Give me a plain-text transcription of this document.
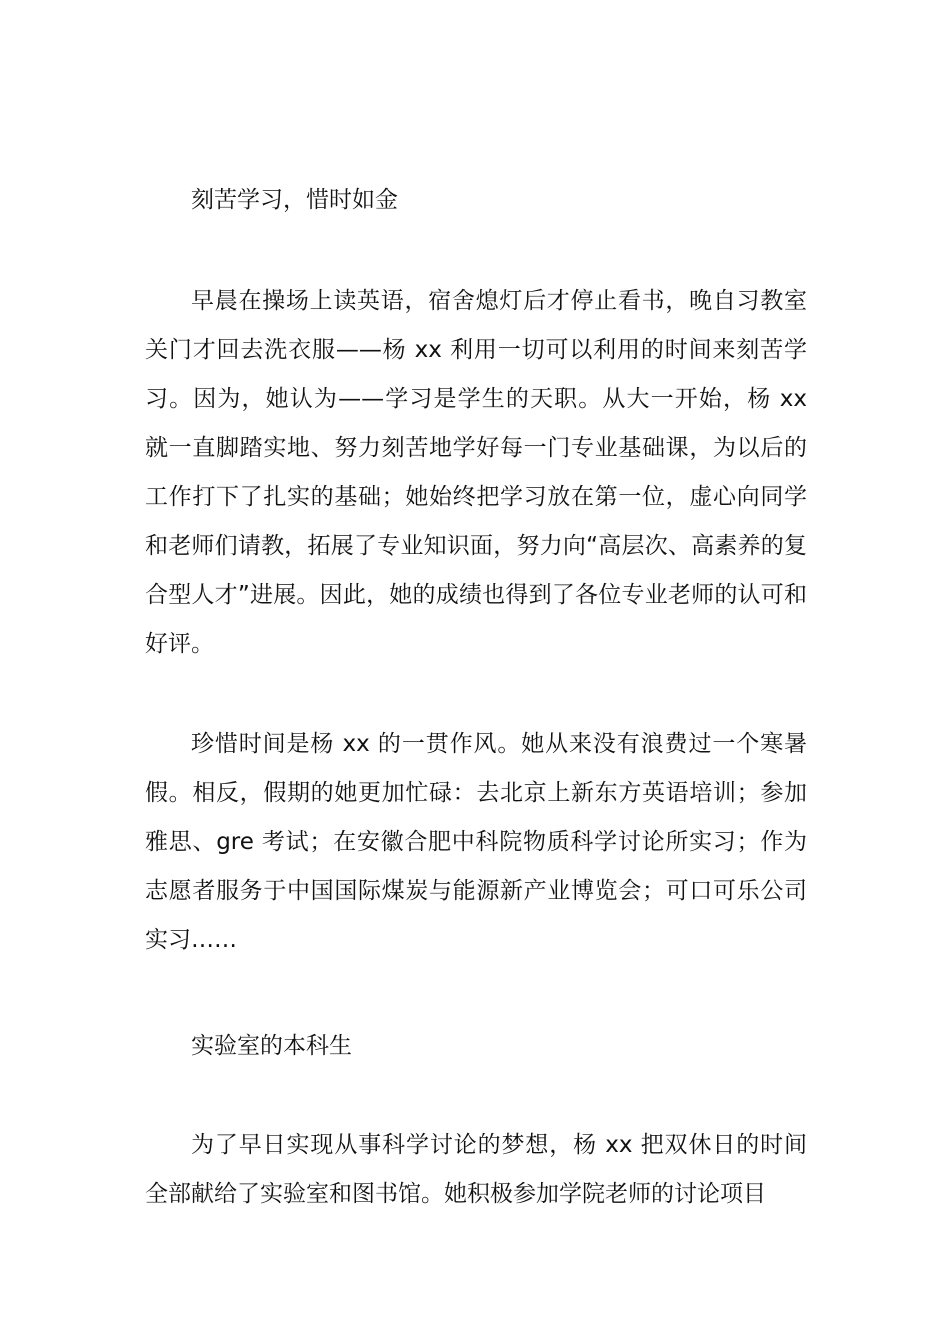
刻苦学习，惜时如金

早晨在操场上读英语，宿舍熄灯后才停止看书，晚自习教室关门才回去洗衣服——杨 xx 利用一切可以利用的时间来刻苦学习。因为，她认为——学习是学生的天职。从大一开始，杨 xx 就一直脚踏实地、努力刻苦地学好每一门专业基础课，为以后的工作打下了扎实的基础；她始终把学习放在第一位，虚心向同学和老师们请教，拓展了专业知识面，努力向“高层次、高素养的复合型人才”进展。因此，她的成绩也得到了各位专业老师的认可和好评。

珍惜时间是杨 xx 的一贯作风。她从来没有浪费过一个寒暑假。相反，假期的她更加忙碌：去北京上新东方英语培训；参加雅思、gre 考试；在安徽合肥中科院物质科学讨论所实习；作为志愿者服务于中国国际煤炭与能源新产业博览会；可口可乐公司实习……

实验室的本科生

为了早日实现从事科学讨论的梦想，杨 xx 把双休日的时间全部献给了实验室和图书馆。她积极参加学院老师的讨论项目
